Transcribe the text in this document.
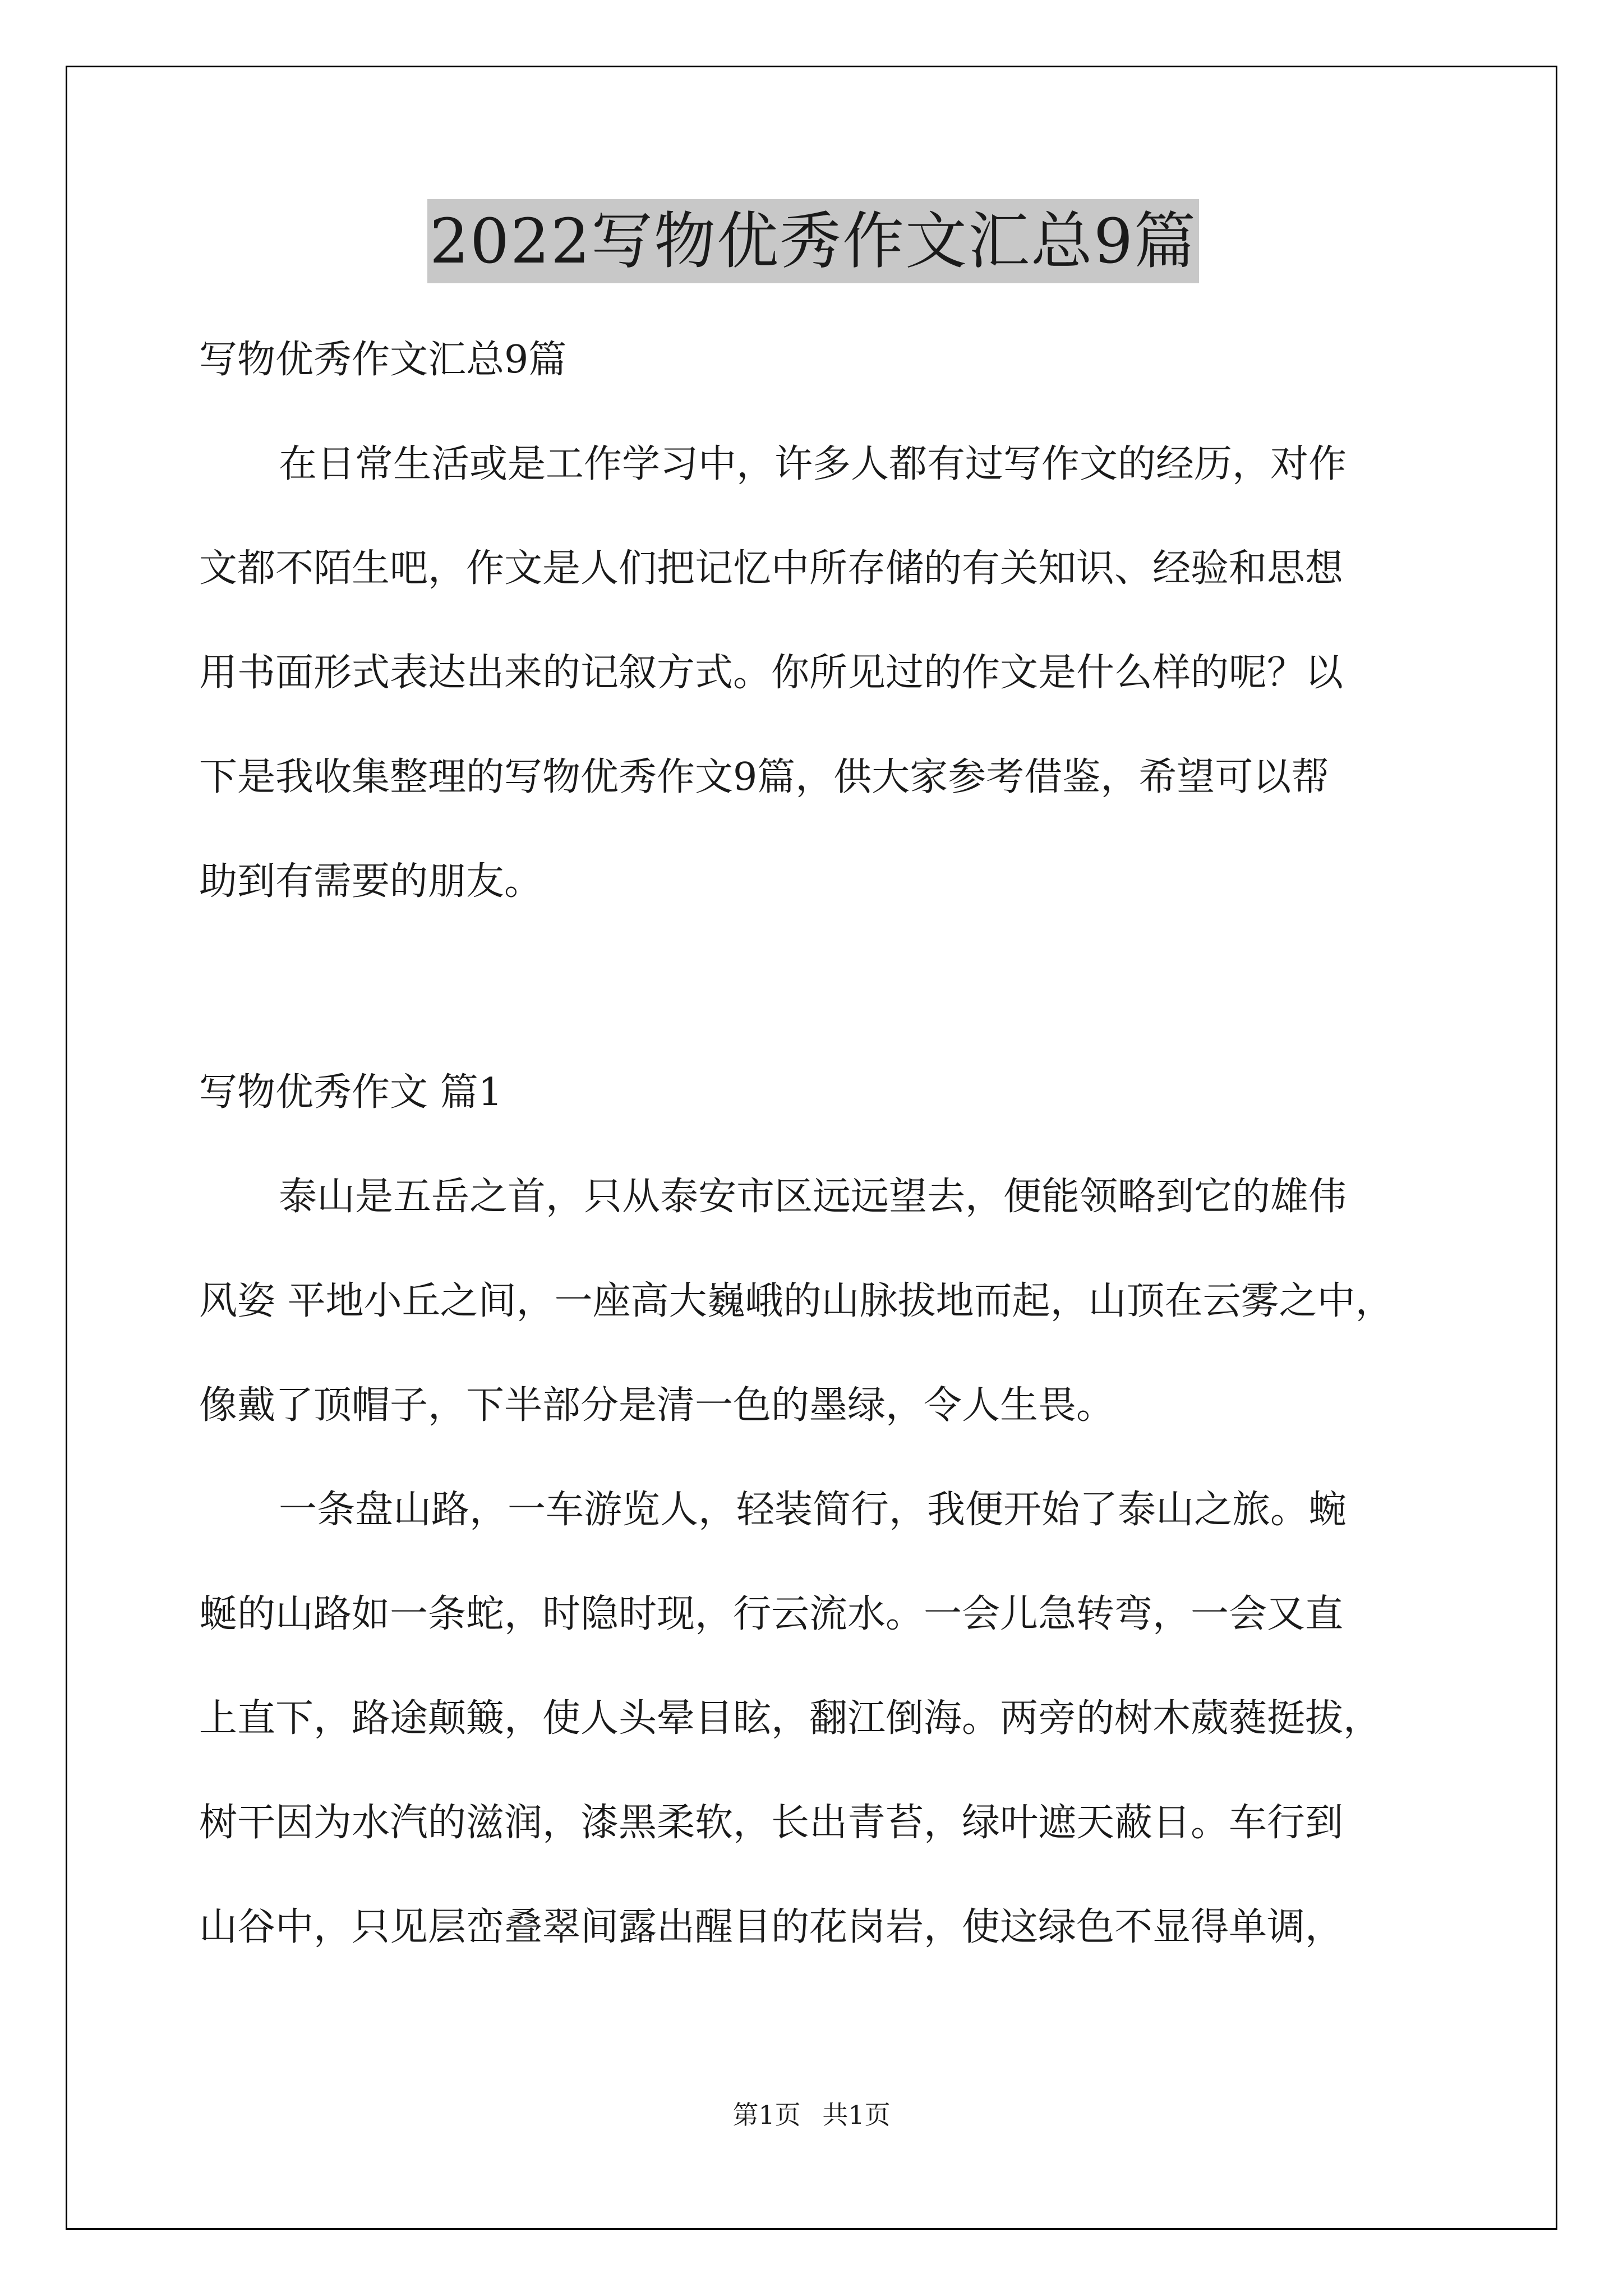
2022写物优秀作文汇总9篇
写物优秀作文汇总9篇
在日常生活或是工作学习中，许多人都有过写作文的经历，对作
文都不陌生吧，作文是人们把记忆中所存储的有关知识、经验和思想
用书面形式表达出来的记叙方式。你所见过的作文是什么样的呢？以
下是我收集整理的写物优秀作文9篇，供大家参考借鉴，希望可以帮
助到有需要的朋友。
写物优秀作文 篇1
泰山是五岳之首，只从泰安市区远远望去，便能领略到它的雄伟
风姿 平地小丘之间，一座高大巍峨的山脉拔地而起，山顶在云雾之中，
像戴了顶帽子，下半部分是清一色的墨绿，令人生畏。
一条盘山路，一车游览人，轻装简行，我便开始了泰山之旅。蜿
蜒的山路如一条蛇，时隐时现，行云流水。一会儿急转弯，一会又直
上直下，路途颠簸，使人头晕目眩，翻江倒海。两旁的树木葳蕤挺拔，
树干因为水汽的滋润，漆黑柔软，长出青苔，绿叶遮天蔽日。车行到
山谷中，只见层峦叠翠间露出醒目的花岗岩，使这绿色不显得单调，
第1页 共1页
